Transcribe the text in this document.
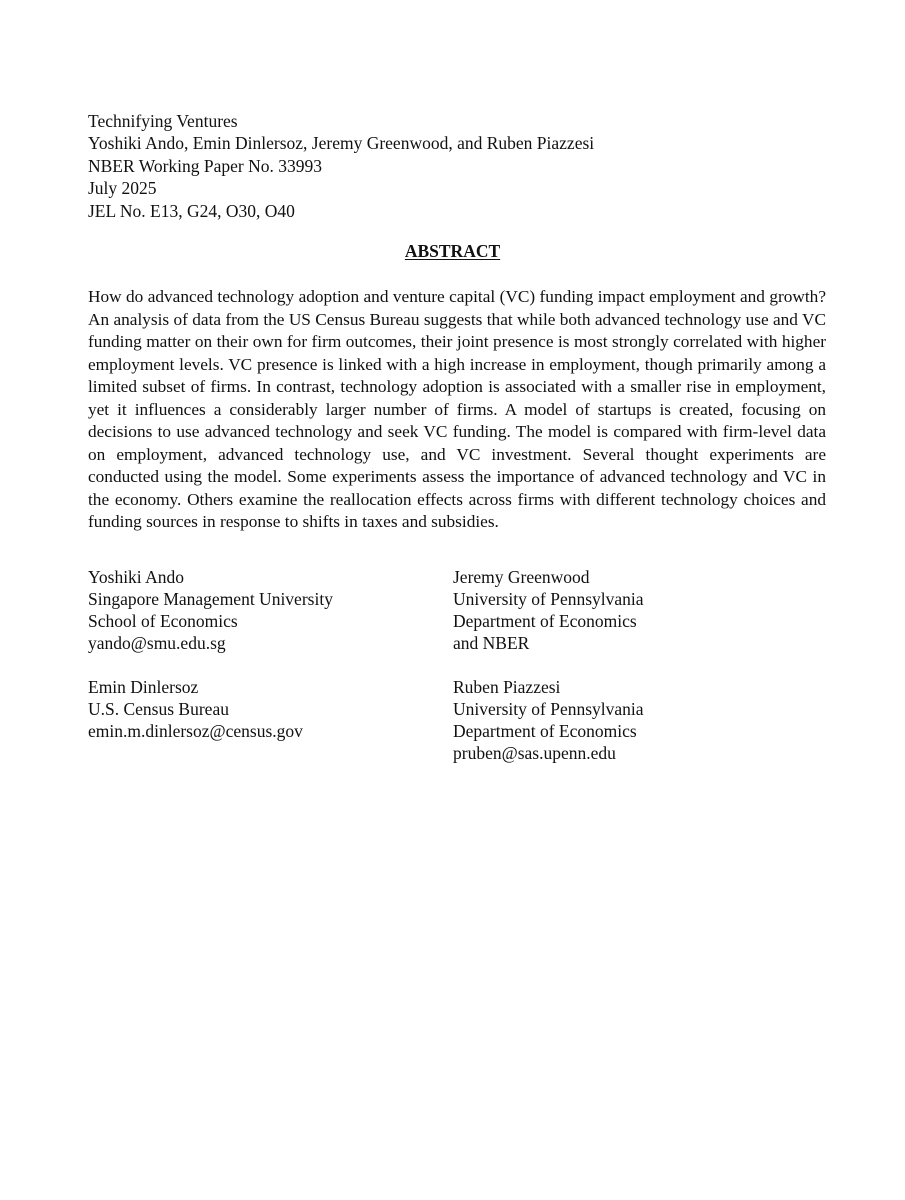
Technifying Ventures
Yoshiki Ando, Emin Dinlersoz, Jeremy Greenwood, and Ruben Piazzesi
NBER Working Paper No. 33993
July 2025
JEL No. E13, G24, O30, O40
ABSTRACT

How do advanced technology adoption and venture capital (VC) funding impact employment and growth? An analysis of data from the US Census Bureau suggests that while both advanced technology use and VC funding matter on their own for firm outcomes, their joint presence is most strongly correlated with higher employment levels. VC presence is linked with a high increase in employment, though primarily among a limited subset of firms. In contrast, technology adoption is associated with a smaller rise in employment, yet it influences a considerably larger number of firms. A model of startups is created, focusing on decisions to use advanced technology and seek VC funding. The model is compared with firm-level data on employment, advanced technology use, and VC investment. Several thought experiments are conducted using the model. Some experiments assess the importance of advanced technology and VC in the economy. Others examine the reallocation effects across firms with different technology choices and funding sources in response to shifts in taxes and subsidies.

Yoshiki Ando
Singapore Management University
School of Economics
yando@smu.edu.sg
Jeremy Greenwood
University of Pennsylvania
Department of Economics
and NBER
Emin Dinlersoz
U.S. Census Bureau
emin.m.dinlersoz@census.gov
Ruben Piazzesi
University of Pennsylvania
Department of Economics
pruben@sas.upenn.edu
